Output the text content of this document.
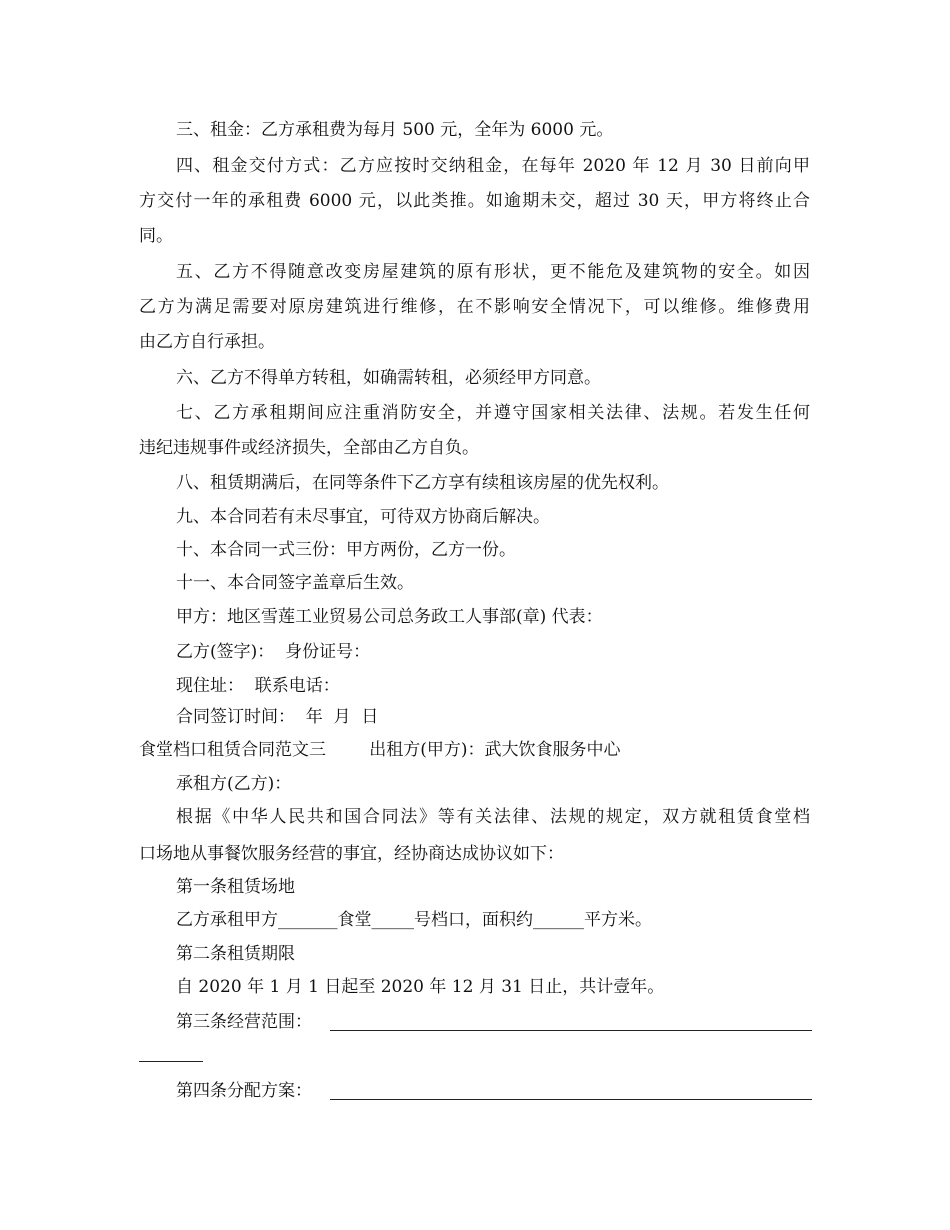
三、租金：乙方承租费为每月 500 元，全年为 6000 元。
四、租金交付方式：乙方应按时交纳租金，在每年 2020 年 12 月 30 日前向甲
方交付一年的承租费 6000 元，以此类推。如逾期未交，超过 30 天，甲方将终止合
同。
五、乙方不得随意改变房屋建筑的原有形状，更不能危及建筑物的安全。如因
乙方为满足需要对原房建筑进行维修，在不影响安全情况下，可以维修。维修费用
由乙方自行承担。
六、乙方不得单方转租，如确需转租，必须经甲方同意。
七、乙方承租期间应注重消防安全，并遵守国家相关法律、法规。若发生任何
违纪违规事件或经济损失，全部由乙方自负。
八、租赁期满后，在同等条件下乙方享有续租该房屋的优先权利。
九、本合同若有未尽事宜，可待双方协商后解决。
十、本合同一式三份：甲方两份，乙方一份。
十一、本合同签字盖章后生效。
甲方：地区雪莲工业贸易公司总务政工人事部(章) 代表：
乙方(签字)：  身份证号：
现住址：  联系电话：
合同签订时间：  年  月  日
食堂档口租赁合同范文三        出租方(甲方)：武大饮食服务中心
承租方(乙方)：
根据《中华人民共和国合同法》等有关法律、法规的规定，双方就租赁食堂档
口场地从事餐饮服务经营的事宜，经协商达成协议如下：
第一条租赁场地
乙方承租甲方_______食堂_____号档口，面积约______平方米。
第二条租赁期限
自 2020 年 1 月 1 日起至 2020 年 12 月 31 日止，共计壹年。
第三条经营范围：
第四条分配方案：
